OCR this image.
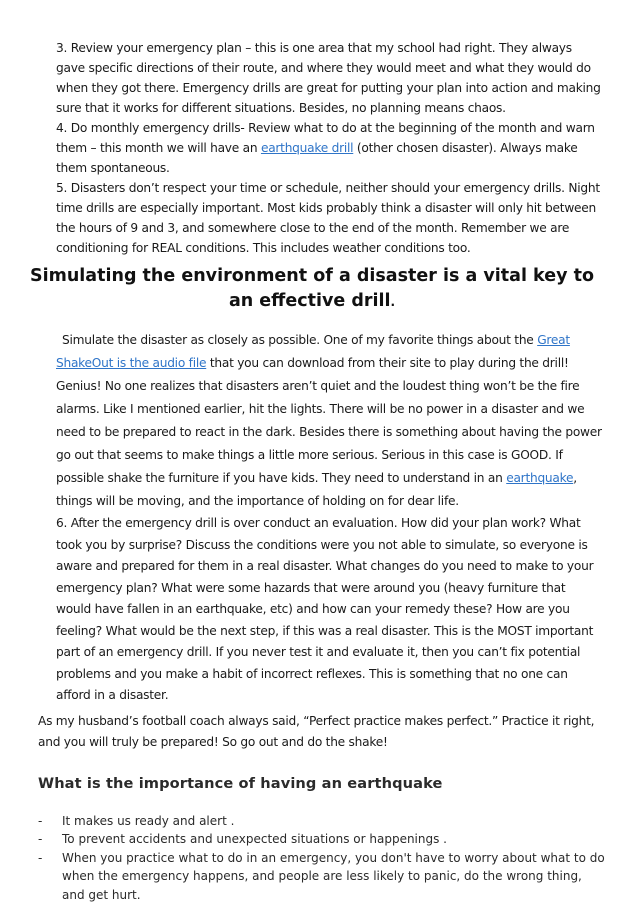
3. Review your emergency plan – this is one area that my school had right. They always gave specific directions of their route, and where they would meet and what they would do when they got there. Emergency drills are great for putting your plan into action and making sure that it works for different situations. Besides, no planning means chaos.

4. Do monthly emergency drills- Review what to do at the beginning of the month and warn them – this month we will have an earthquake drill (other chosen disaster). Always make them spontaneous.

5. Disasters don’t respect your time or schedule, neither should your emergency drills. Night time drills are especially important. Most kids probably think a disaster will only hit between the hours of 9 and 3, and somewhere close to the end of the month. Remember we are conditioning for REAL conditions. This includes weather conditions too.

Simulating the environment of a disaster is a vital key to an effective drill.

Simulate the disaster as closely as possible. One of my favorite things about the Great ShakeOut is the audio file that you can download from their site to play during the drill! Genius! No one realizes that disasters aren’t quiet and the loudest thing won’t be the fire alarms. Like I mentioned earlier, hit the lights. There will be no power in a disaster and we need to be prepared to react in the dark. Besides there is something about having the power go out that seems to make things a little more serious. Serious in this case is GOOD. If possible shake the furniture if you have kids. They need to understand in an earthquake, things will be moving, and the importance of holding on for dear life.

6. After the emergency drill is over conduct an evaluation. How did your plan work? What took you by surprise? Discuss the conditions were you not able to simulate, so everyone is aware and prepared for them in a real disaster. What changes do you need to make to your emergency plan? What were some hazards that were around you (heavy furniture that would have fallen in an earthquake, etc) and how can your remedy these? How are you feeling? What would be the next step, if this was a real disaster. This is the MOST important part of an emergency drill. If you never test it and evaluate it, then you can’t fix potential problems and you make a habit of incorrect reflexes. This is something that no one can afford in a disaster.

As my husband’s football coach always said, “Perfect practice makes perfect.” Practice it right, and you will truly be prepared! So go out and do the shake!

What is the importance of having an earthquake
-	It makes us ready and alert .
-	To prevent accidents and unexpected situations or happenings .
-	When you practice what to do in an emergency, you don't have to worry about what to do when the emergency happens, and people are less likely to panic, do the wrong thing, and get hurt.
